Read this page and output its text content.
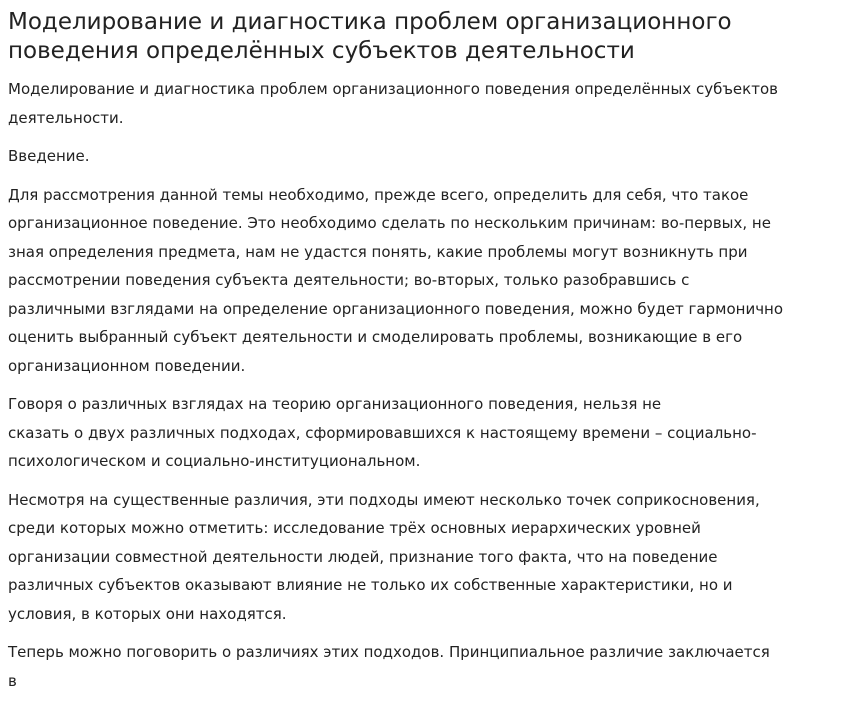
Моделирование и диагностика проблем организационного
поведения определённых субъектов деятельности

Моделирование и диагностика проблем организационного поведения определённых субъектов
деятельности.

Введение.

Для рассмотрения данной темы необходимо, прежде всего, определить для себя, что такое
организационное поведение. Это необходимо сделать по нескольким причинам: во-первых, не
зная определения предмета, нам не удастся понять, какие проблемы могут возникнуть при
рассмотрении поведения субъекта деятельности; во-вторых, только разобравшись с
различными взглядами на определение организационного поведения, можно будет гармонично
оценить выбранный субъект деятельности и смоделировать проблемы, возникающие в его
организационном поведении.

Говоря о различных взглядах на теорию организационного поведения, нельзя не
сказать о двух различных подходах, сформировавшихся к настоящему времени – социально-
психологическом и социально-институциональном.

Несмотря на существенные различия, эти подходы имеют несколько точек соприкосновения,
среди которых можно отметить: исследование трёх основных иерархических уровней
организации совместной деятельности людей, признание того факта, что на поведение
различных субъектов оказывают влияние не только их собственные характеристики, но и
условия, в которых они находятся.

Теперь можно поговорить о различиях этих подходов. Принципиальное различие заключается
в
